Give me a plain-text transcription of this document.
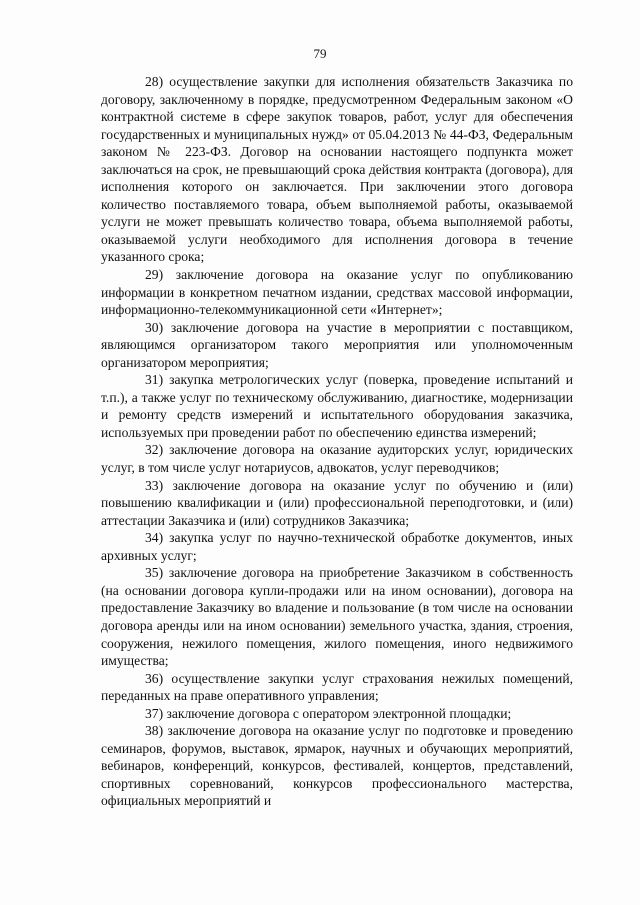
79

28) осуществление закупки для исполнения обязательств Заказчика по договору, заключенному в порядке, предусмотренном Федеральным законом «О контрактной системе в сфере закупок товаров, работ, услуг для обеспечения государственных и муниципальных нужд» от 05.04.2013 № 44-ФЗ, Федеральным законом № 223-ФЗ. Договор на основании настоящего подпункта может заключаться на срок, не превышающий срока действия контракта (договора), для исполнения которого он заключается. При заключении этого договора количество поставляемого товара, объем выполняемой работы, оказываемой услуги не может превышать количество товара, объема выполняемой работы, оказываемой услуги необходимого для исполнения договора в течение указанного срока;

29) заключение договора на оказание услуг по опубликованию информации в конкретном печатном издании, средствах массовой информации, информационно-телекоммуникационной сети «Интернет»;

30) заключение договора на участие в мероприятии с поставщиком, являющимся организатором такого мероприятия или уполномоченным организатором мероприятия;

31) закупка метрологических услуг (поверка, проведение испытаний и т.п.), а также услуг по техническому обслуживанию, диагностике, модернизации и ремонту средств измерений и испытательного оборудования заказчика, используемых при проведении работ по обеспечению единства измерений;

32) заключение договора на оказание аудиторских услуг, юридических услуг, в том числе услуг нотариусов, адвокатов, услуг переводчиков;

33) заключение договора на оказание услуг по обучению и (или) повышению квалификации и (или) профессиональной переподготовки, и (или) аттестации Заказчика и (или) сотрудников Заказчика;

34) закупка услуг по научно-технической обработке документов, иных архивных услуг;

35) заключение договора на приобретение Заказчиком в собственность (на основании договора купли-продажи или на ином основании), договора на предоставление Заказчику во владение и пользование (в том числе на основании договора аренды или на ином основании) земельного участка, здания, строения, сооружения, нежилого помещения, жилого помещения, иного недвижимого имущества;

36) осуществление закупки услуг страхования нежилых помещений, переданных на праве оперативного управления;

37) заключение договора с оператором электронной площадки;

38) заключение договора на оказание услуг по подготовке и проведению семинаров, форумов, выставок, ярмарок, научных и обучающих мероприятий, вебинаров, конференций, конкурсов, фестивалей, концертов, представлений, спортивных соревнований, конкурсов профессионального мастерства, официальных мероприятий и
